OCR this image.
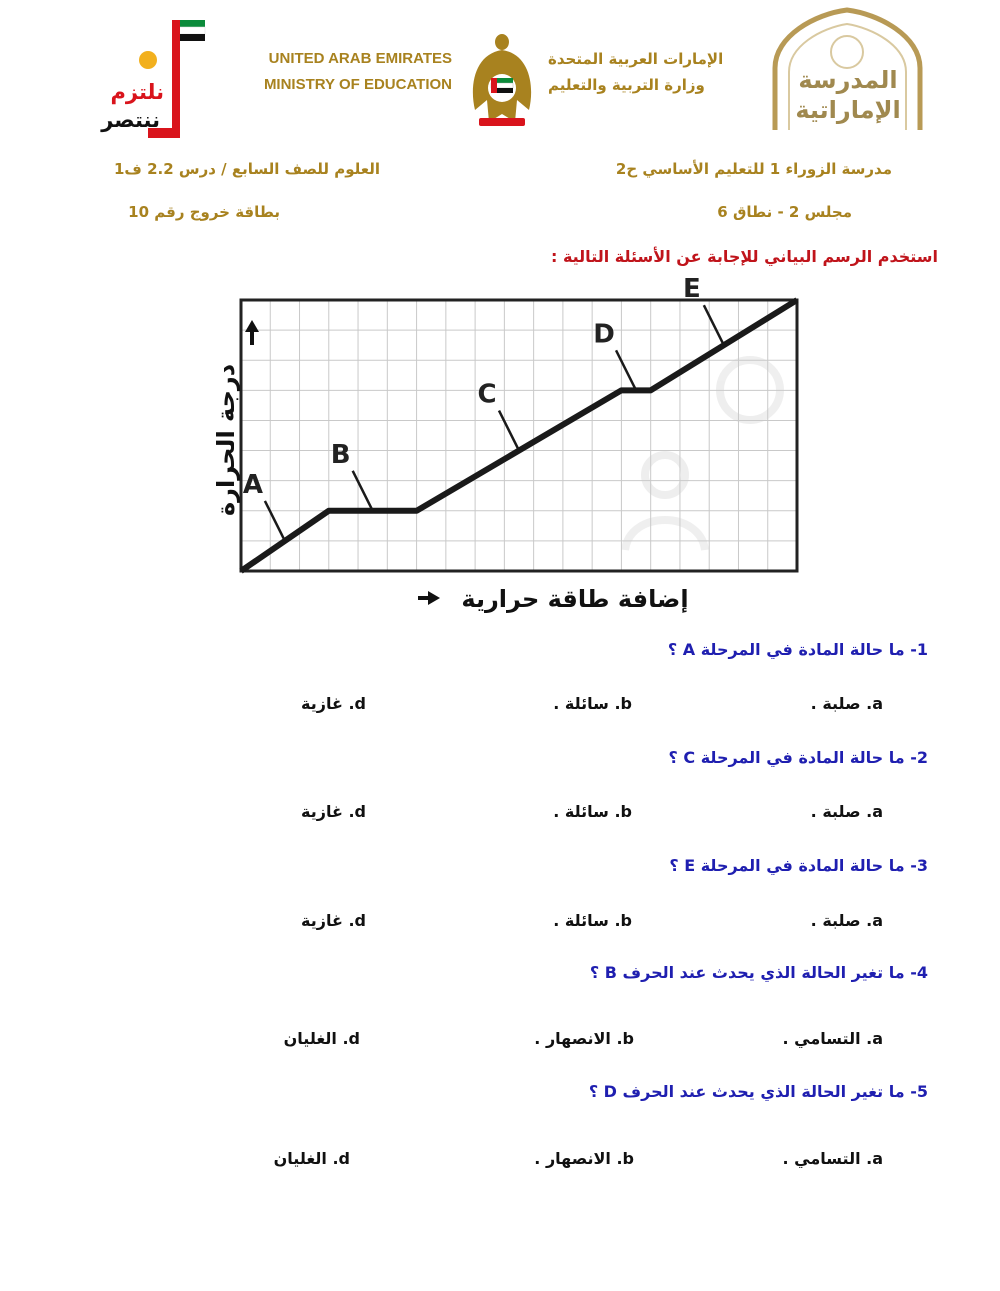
نلتزم
ننتصر
UNITED ARAB EMIRATES
MINISTRY OF EDUCATION
الإمارات العربية المتحدة
وزارة التربية والتعليم	المدرسة
الإماراتية
مدرسة الزوراء 1 للتعليم الأساسي ح2
العلوم للصف السابع / درس 2.2 ف1
مجلس 2 - نطاق 6
بطاقة خروج رقم 10
استخدم الرسم البياني للإجابة عن الأسئلة التالية :
A
B
C
D
E
درجة الحرارة
إضافة طاقة حرارية
1- ما حالة المادة في المرحلة A ؟
a. صلبة .
b. سائلة .
d. غازية
2- ما حالة المادة في المرحلة C ؟
a. صلبة .
b. سائلة .
d. غازية
3- ما حالة المادة في المرحلة E ؟
a. صلبة .
b. سائلة .
d. غازية
4- ما تغير الحالة الذي يحدث عند الحرف B ؟
a. التسامي .
b. الانصهار .
d. الغليان
5- ما تغير الحالة الذي يحدث عند الحرف D ؟
a. التسامي .
b. الانصهار .
d. الغليان
